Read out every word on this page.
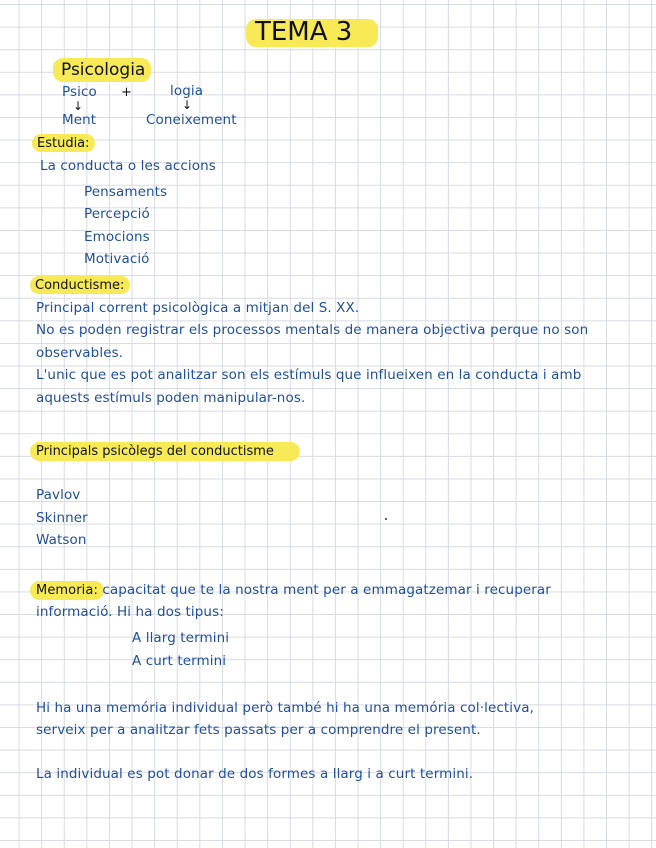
TEMA 3
Psicologia
Psico +	logia
↓	↓
Ment	Coneixement
Estudia:
La conducta o les accions
Pensaments
Percepció
Emocions
Motivació
Conductisme:
Principal corrent psicològica a mitjan del S. XX.
No es poden registrar els processos mentals de manera objectiva perque no son
observables.
L'unic que es pot analitzar son els estímuls que influeixen en la conducta i amb
aquests estímuls poden manipular-nos.
Principals psicòlegs del conductisme
Pavlov
Skinner
Watson
Memoria: capacitat que te la nostra ment per a emmagatzemar i recuperar
informació. Hi ha dos tipus:
A llarg termini
A curt termini
Hi ha una memória individual però també hi ha una memória col·lectiva,
serveix per a analitzar fets passats per a comprendre el present.
La individual es pot donar de dos formes a llarg i a curt termini.
